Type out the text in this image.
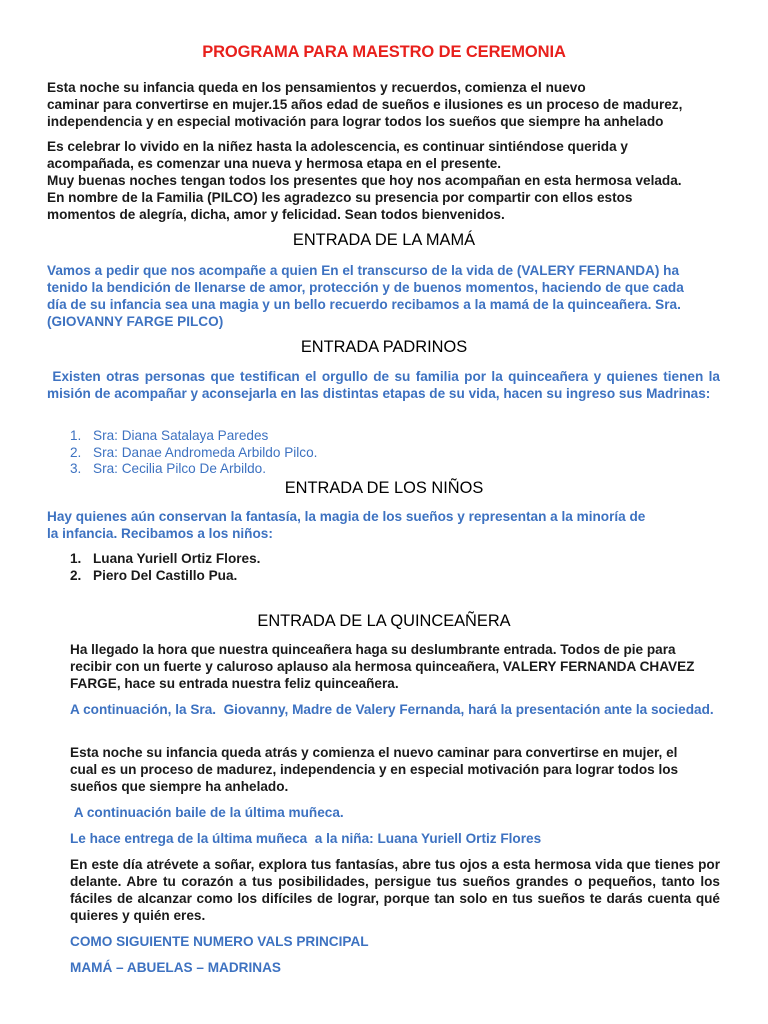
PROGRAMA PARA MAESTRO DE CEREMONIA

Esta noche su infancia queda en los pensamientos y recuerdos, comienza el nuevo

caminar para convertirse en mujer.15 años edad de sueños e ilusiones es un proceso de madurez,

independencia y en especial motivación para lograr todos los sueños que siempre ha anhelado

Es celebrar lo vivido en la niñez hasta la adolescencia, es continuar sintiéndose querida y

acompañada, es comenzar una nueva y hermosa etapa en el presente.

Muy buenas noches tengan todos los presentes que hoy nos acompañan en esta hermosa velada.

En nombre de la Familia (PILCO) les agradezco su presencia por compartir con ellos estos

momentos de alegría, dicha, amor y felicidad. Sean todos bienvenidos.

ENTRADA DE LA MAMÁ

Vamos a pedir que nos acompañe a quien En el transcurso de la vida de (VALERY FERNANDA) ha

tenido la bendición de llenarse de amor, protección y de buenos momentos, haciendo de que cada

día de su infancia sea una magia y un bello recuerdo recibamos a la mamá de la quinceañera. Sra.

(GIOVANNY FARGE PILCO)

ENTRADA PADRINOS
Existen otras personas que testifican el orgullo de su familia por la quinceañera y quienes tienen la misión de acompañar y aconsejarla en las distintas etapas de su vida, hacen su ingreso sus Madrinas:
1. Sra: Diana Satalaya Paredes
2. Sra: Danae Andromeda Arbildo Pilco.
3. Sra: Cecilia Pilco De Arbildo.
ENTRADA DE LOS NIÑOS

Hay quienes aún conservan la fantasía, la magia de los sueños y representan a la minoría de

la infancia. Recibamos a los niños:

1. Luana Yuriell Ortiz Flores.
2. Piero Del Castillo Pua.
ENTRADA DE LA QUINCEAÑERA

Ha llegado la hora que nuestra quinceañera haga su deslumbrante entrada. Todos de pie para

recibir con un fuerte y caluroso aplauso ala hermosa quinceañera, VALERY FERNANDA CHAVEZ

FARGE, hace su entrada nuestra feliz quinceañera.

A continuación, la Sra.  Giovanny, Madre de Valery Fernanda, hará la presentación ante la sociedad.

Esta noche su infancia queda atrás y comienza el nuevo caminar para convertirse en mujer, el

cual es un proceso de madurez, independencia y en especial motivación para lograr todos los

sueños que siempre ha anhelado.

A continuación baile de la última muñeca.
Le hace entrega de la última muñeca  a la niña: Luana Yuriell Ortiz Flores
En este día atrévete a soñar, explora tus fantasías, abre tus ojos a esta hermosa vida que tienes por delante. Abre tu corazón a tus posibilidades, persigue tus sueños grandes o pequeños, tanto los fáciles de alcanzar como los difíciles de lograr, porque tan solo en tus sueños te darás cuenta qué quieres y quién eres.
COMO SIGUIENTE NUMERO VALS PRINCIPAL
MAMÁ – ABUELAS – MADRINAS
